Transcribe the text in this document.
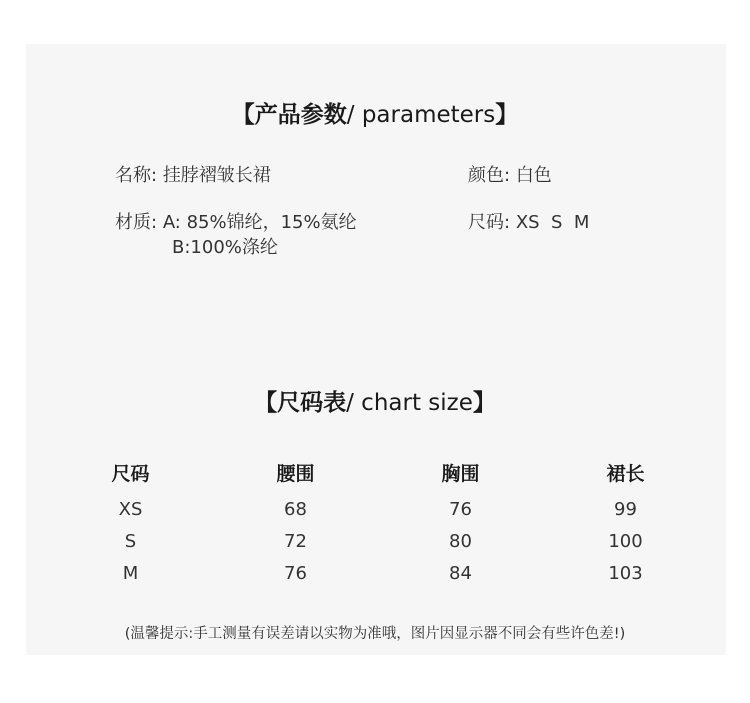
【产品参数/ parameters】
名称: 挂脖褶皱长裙	颜色: 白色
材质: A: 85%锦纶，15%氨纶
B:100%涤纶
尺码: XS  S  M
【尺码表/ chart size】
尺码	腰围	胸围	裙长
XS	68	76	99
S	72	80	100
M	76	84	103
(温馨提示:手工测量有误差请以实物为准哦，图片因显示器不同会有些许色差!)
